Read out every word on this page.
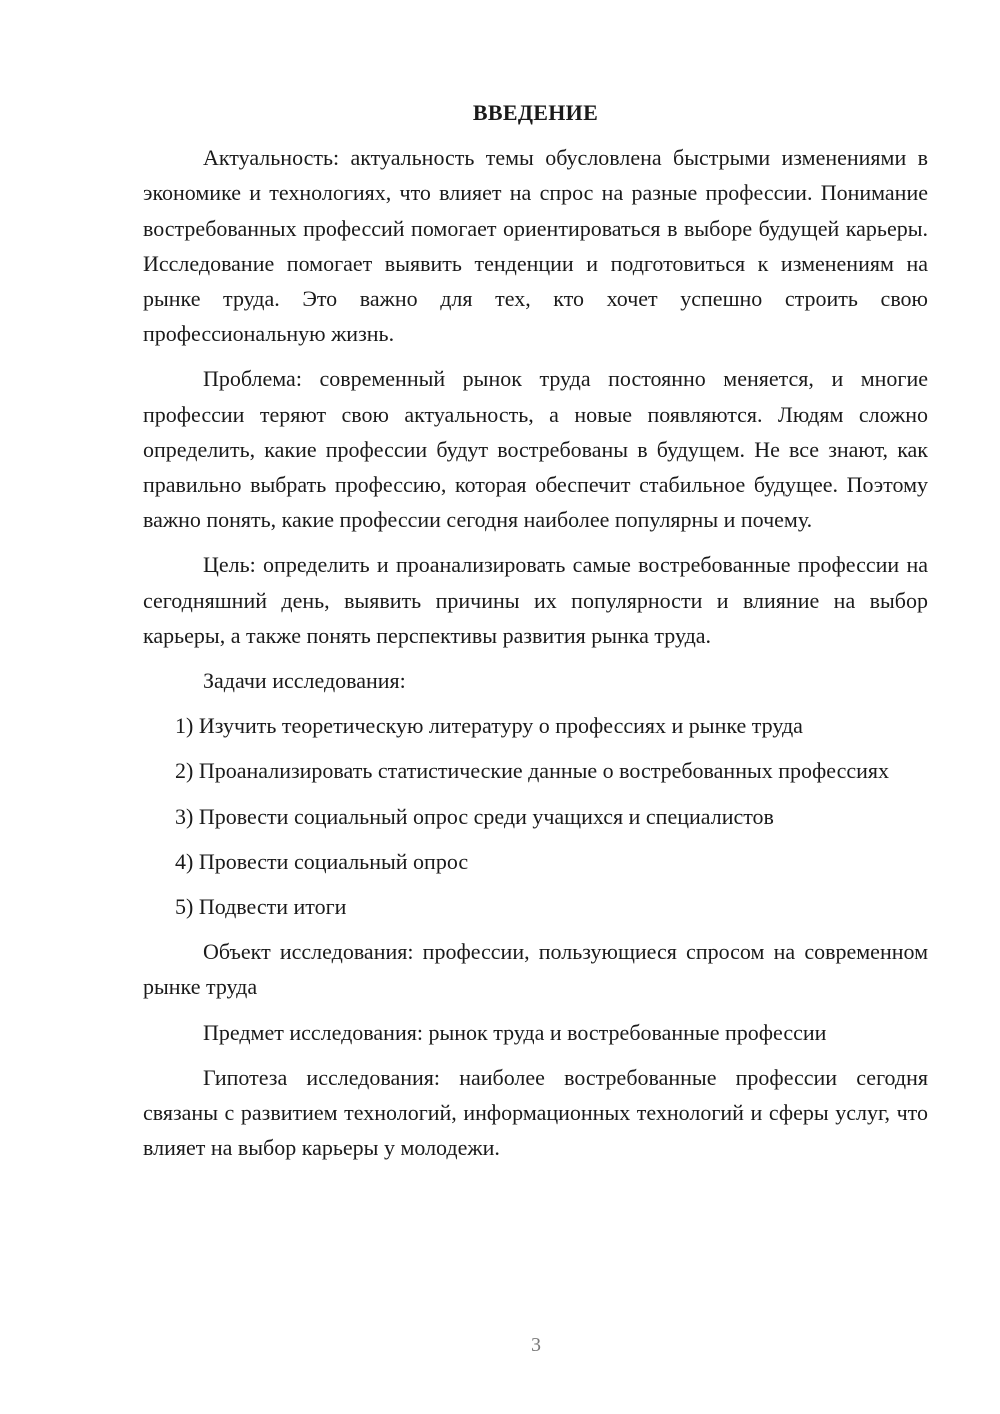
ВВЕДЕНИЕ

Актуальность: актуальность темы обусловлена быстрыми изменениями в экономике и технологиях, что влияет на спрос на разные профессии. Понимание востребованных профессий помогает ориентироваться в выборе будущей карьеры. Исследование помогает выявить тенденции и подготовиться к изменениям на рынке труда. Это важно для тех, кто хочет успешно строить свою профессиональную жизнь.

Проблема: современный рынок труда постоянно меняется, и многие профессии теряют свою актуальность, а новые появляются. Людям сложно определить, какие профессии будут востребованы в будущем. Не все знают, как правильно выбрать профессию, которая обеспечит стабильное будущее. Поэтому важно понять, какие профессии сегодня наиболее популярны и почему.

Цель: определить и проанализировать самые востребованные профессии на сегодняшний день, выявить причины их популярности и влияние на выбор карьеры, а также понять перспективы развития рынка труда.

Задачи исследования:

1) Изучить теоретическую литературу о профессиях и рынке труда

2) Проанализировать статистические данные о востребованных профессиях

3) Провести социальный опрос среди учащихся и специалистов

4) Провести социальный опрос

5) Подвести итоги

Объект исследования: профессии, пользующиеся спросом на современном рынке труда

Предмет исследования: рынок труда и востребованные профессии

Гипотеза исследования: наиболее востребованные профессии сегодня связаны с развитием технологий, информационных технологий и сферы услуг, что влияет на выбор карьеры у молодежи.

3
